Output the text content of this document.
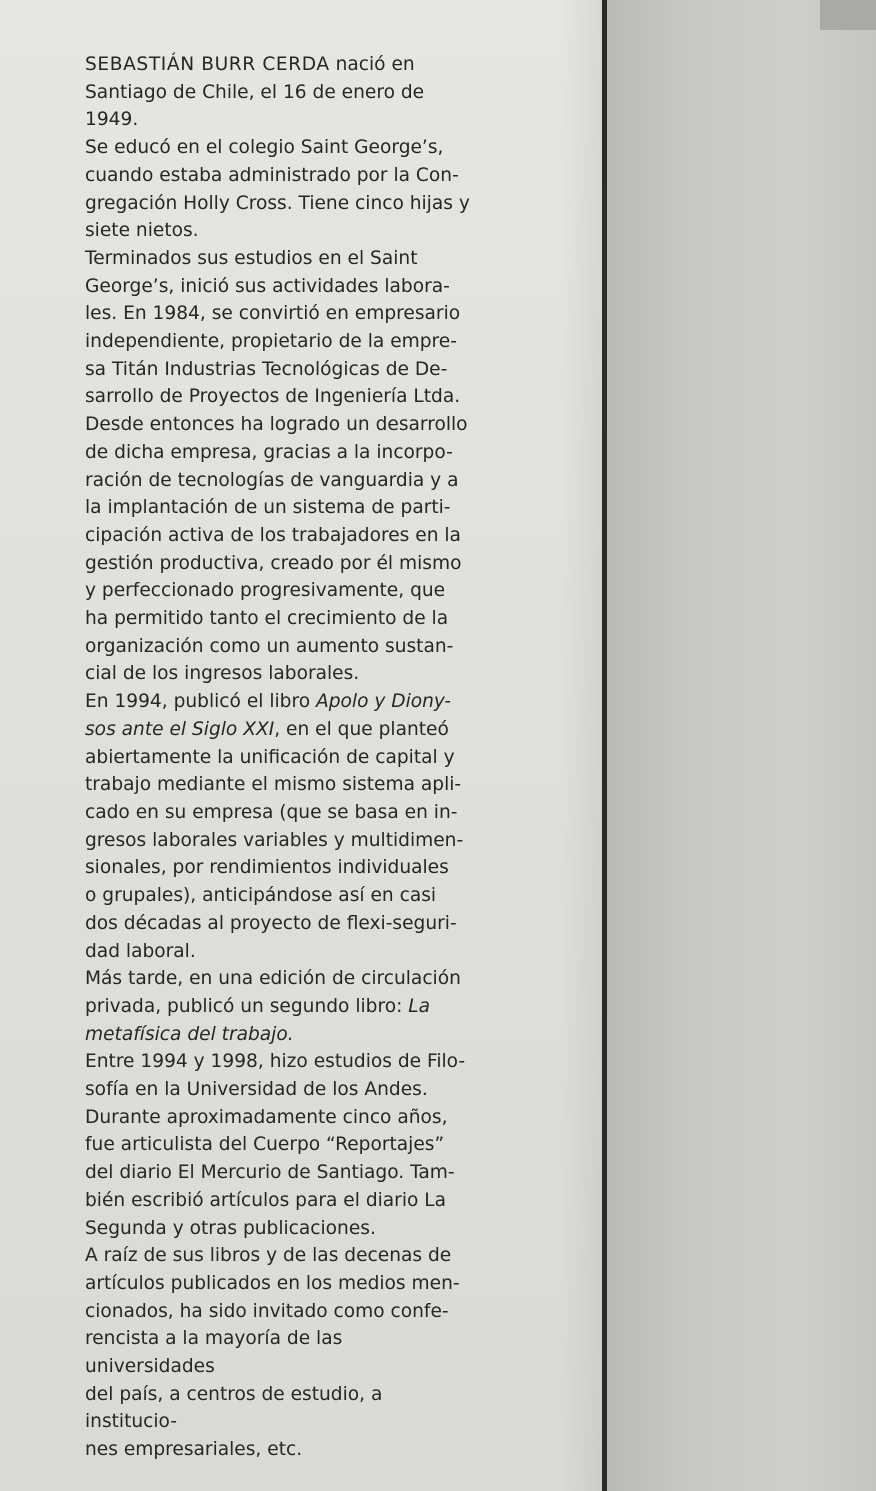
SEBASTIÁN BURR CERDA nació en
Santiago de Chile, el 16 de enero de 1949.
Se educó en el colegio Saint George’s,
cuando estaba administrado por la Con-
gregación Holly Cross. Tiene cinco hijas y
siete nietos.

Terminados sus estudios en el Saint
George’s, inició sus actividades labora-
les. En 1984, se convirtió en empresario
independiente, propietario de la empre-
sa Titán Industrias Tecnológicas de De-
sarrollo de Proyectos de Ingeniería Ltda.
Desde entonces ha logrado un desarrollo
de dicha empresa, gracias a la incorpo-
ración de tecnologías de vanguardia y a
la implantación de un sistema de parti-
cipación activa de los trabajadores en la
gestión productiva, creado por él mismo
y perfeccionado progresivamente, que
ha permitido tanto el crecimiento de la
organización como un aumento sustan-
cial de los ingresos laborales.

En 1994, publicó el libro Apolo y Diony-
sos ante el Siglo XXI, en el que planteó
abiertamente la unificación de capital y
trabajo mediante el mismo sistema apli-
cado en su empresa (que se basa en in-
gresos laborales variables y multidimen-
sionales, por rendimientos individuales
o grupales), anticipándose así en casi
dos décadas al proyecto de flexi-seguri-
dad laboral.

Más tarde, en una edición de circulación
privada, publicó un segundo libro: La
metafísica del trabajo.

Entre 1994 y 1998, hizo estudios de Filo-
sofía en la Universidad de los Andes.

Durante aproximadamente cinco años,
fue articulista del Cuerpo “Reportajes”
del diario El Mercurio de Santiago. Tam-
bién escribió artículos para el diario La
Segunda y otras publicaciones.

A raíz de sus libros y de las decenas de
artículos publicados en los medios men-
cionados, ha sido invitado como confe-
rencista a la mayoría de las universidades
del país, a centros de estudio, a institucio-
nes empresariales, etc.
